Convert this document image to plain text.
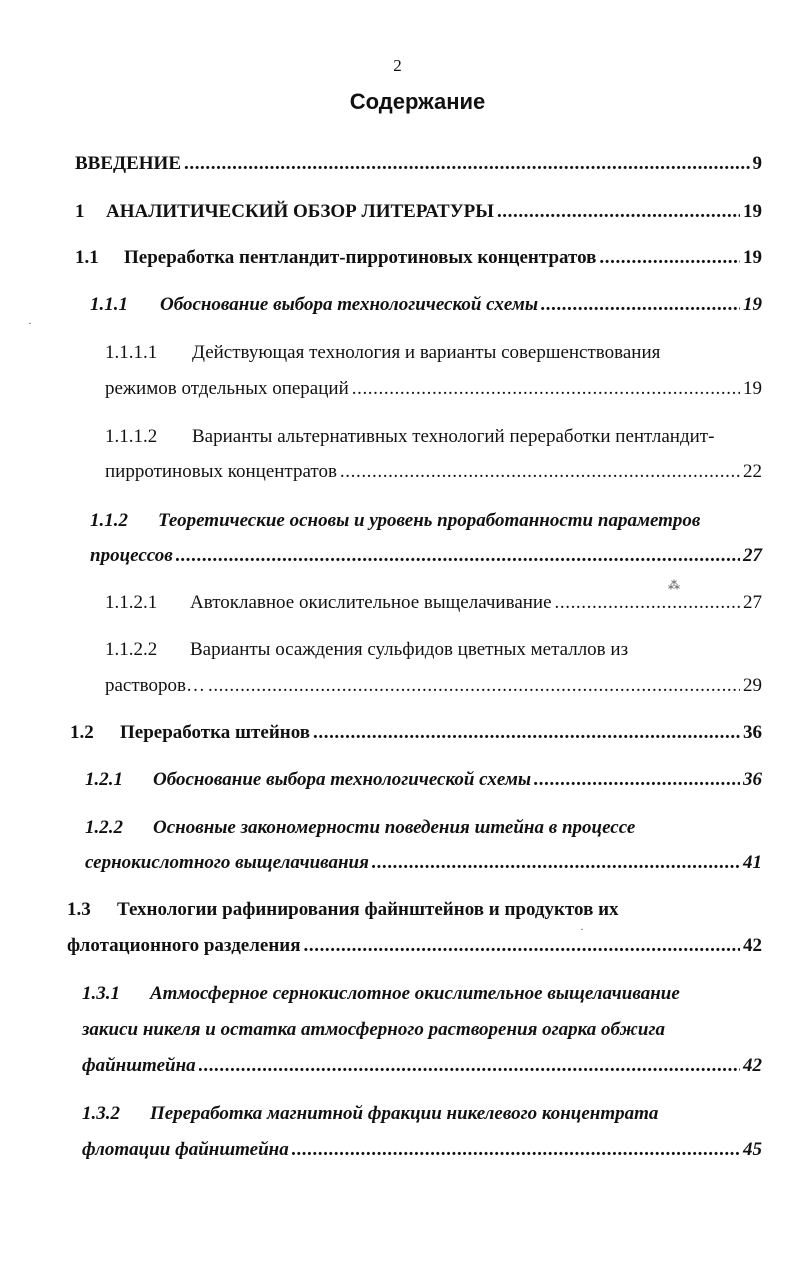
2
Содержание
ВВЕДЕНИЕ .....	9
1	АНАЛИТИЧЕСКИЙ ОБЗОР ЛИТЕРАТУРЫ .....	19
1.1	Переработка пентландит-пирротиновых концентратов .....	19
1.1.1	Обоснование выбора технологической схемы .....	19
1.1.1.1	Действующая технология и варианты совершенствования
режимов отдельных операций .....	19
1.1.1.2	Варианты альтернативных технологий переработки пентландит-
пирротиновых концентратов .....	22
1.1.2	Теоретические основы и уровень проработанности параметров
процессов .....	27
1.1.2.1	Автоклавное окислительное выщелачивание .....	27
1.1.2.2	Варианты осаждения сульфидов цветных металлов из
растворов… .....	29
1.2	Переработка штейнов .....	36
1.2.1	Обоснование выбора технологической схемы .....	36
1.2.2	Основные закономерности поведения штейна в процессе
сернокислотного выщелачивания .....	41
1.3	Технологии рафинирования файнштейнов и продуктов их
флотационного разделения .....	42
1.3.1	Атмосферное сернокислотное окислительное выщелачивание
закиси никеля и остатка атмосферного растворения огарка обжига
файнштейна .....	42
1.3.2	Переработка магнитной фракции никелевого концентрата
флотации файнштейна .....	45
·
⁂
·
